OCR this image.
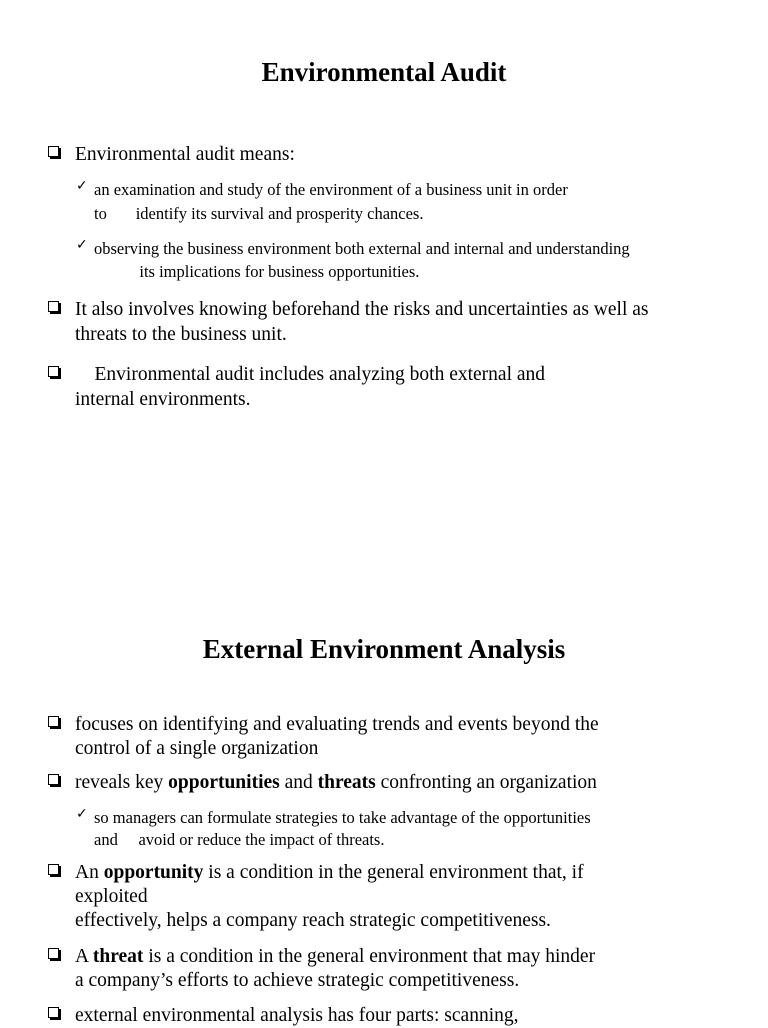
Environmental Audit
Environmental audit means:
✓ an examination and study of the environment of a business unit in order
to       identify its survival and prosperity chances.
✓ observing the business environment both external and internal and understanding
its implications for business opportunities.
It also involves knowing beforehand the risks and uncertainties as well as
threats to the business unit.
Environmental audit includes analyzing both external and
internal environments.
External Environment Analysis
focuses on identifying and evaluating trends and events beyond the
control of a single organization
reveals key opportunities and threats confronting an organization
✓ so managers can formulate strategies to take advantage of the opportunities
and     avoid or reduce the impact of threats.
An opportunity is a condition in the general environment that, if
exploited
effectively, helps a company reach strategic competitiveness.
A threat is a condition in the general environment that may hinder
a company’s efforts to achieve strategic competitiveness.
external environmental analysis has four parts: scanning,
